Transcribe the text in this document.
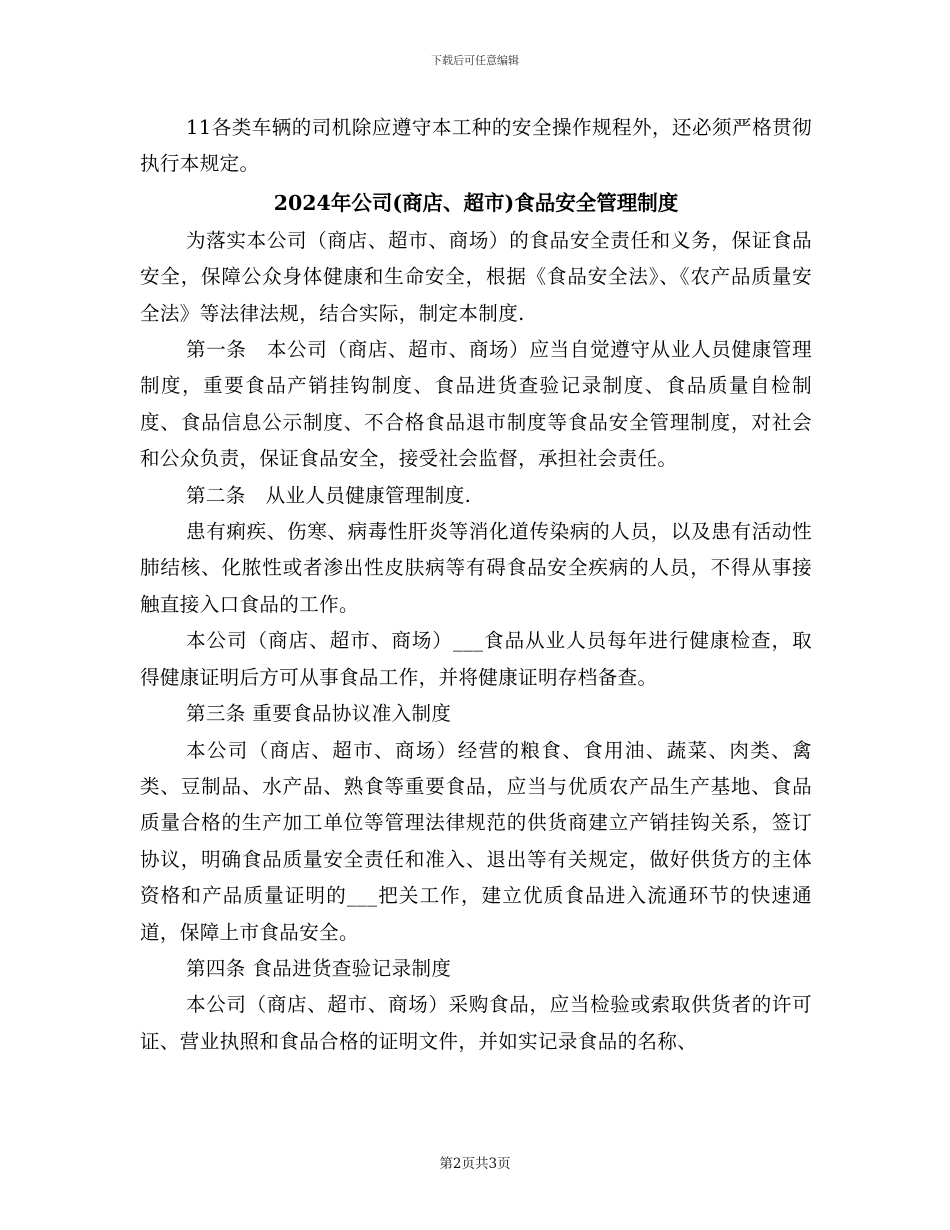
下载后可任意编辑

11各类车辆的司机除应遵守本工种的安全操作规程外，还必须严格贯彻执行本规定。

2024年公司(商店、超市)食品安全管理制度

为落实本公司（商店、超市、商场）的食品安全责任和义务，保证食品安全，保障公众身体健康和生命安全，根据《食品安全法》、《农产品质量安全法》等法律法规，结合实际，制定本制度.

第一条　本公司（商店、超市、商场）应当自觉遵守从业人员健康管理制度，重要食品产销挂钩制度、食品进货查验记录制度、食品质量自检制度、食品信息公示制度、不合格食品退市制度等食品安全管理制度，对社会和公众负责，保证食品安全，接受社会监督，承担社会责任。

第二条　从业人员健康管理制度.

患有痢疾、伤寒、病毒性肝炎等消化道传染病的人员，以及患有活动性肺结核、化脓性或者渗出性皮肤病等有碍食品安全疾病的人员，不得从事接触直接入口食品的工作。

本公司（商店、超市、商场）___食品从业人员每年进行健康检查，取得健康证明后方可从事食品工作，并将健康证明存档备查。

第三条 重要食品协议准入制度

本公司（商店、超市、商场）经营的粮食、食用油、蔬菜、肉类、禽类、豆制品、水产品、熟食等重要食品，应当与优质农产品生产基地、食品质量合格的生产加工单位等管理法律规范的供货商建立产销挂钩关系，签订协议，明确食品质量安全责任和准入、退出等有关规定，做好供货方的主体资格和产品质量证明的___把关工作，建立优质食品进入流通环节的快速通道，保障上市食品安全。

第四条 食品进货查验记录制度

本公司（商店、超市、商场）采购食品，应当检验或索取供货者的许可证、营业执照和食品合格的证明文件，并如实记录食品的名称、

第2页共3页
